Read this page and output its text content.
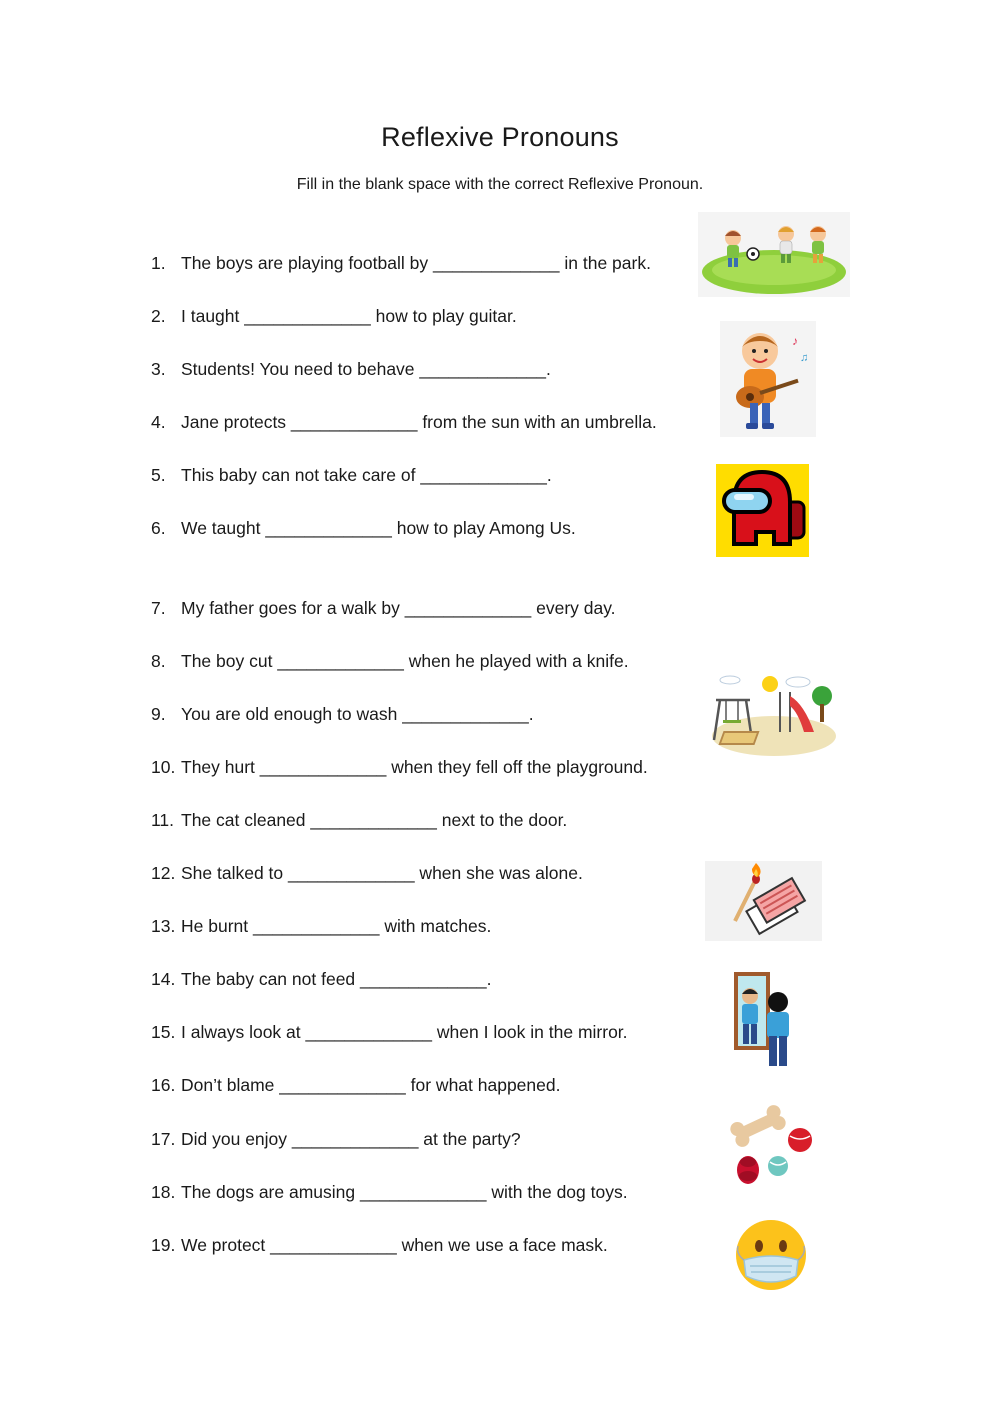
Reflexive Pronouns
Fill in the blank space with the correct Reflexive Pronoun.
1. The boys are playing football by _____________ in the park.
2. I taught _____________ how to play guitar.
3. Students! You need to behave _____________.
4. Jane protects _____________ from the sun with an umbrella.
5. This baby can not take care of _____________.
6. We taught _____________ how to play Among Us.
7. My father goes for a walk by _____________ every day.
8. The boy cut _____________ when he played with a knife.
9. You are old enough to wash _____________.
10. They hurt _____________ when they fell off the playground.
11. The cat cleaned _____________ next to the door.
12. She talked to _____________ when she was alone.
13. He burnt _____________ with matches.
14. The baby can not feed _____________.
15. I always look at _____________ when I look in the mirror.
16. Don’t blame _____________ for what happened.
17. Did you enjoy _____________ at the party?
18. The dogs are amusing _____________ with the dog toys.
19. We protect _____________ when we use a face mask.
♪
♫
